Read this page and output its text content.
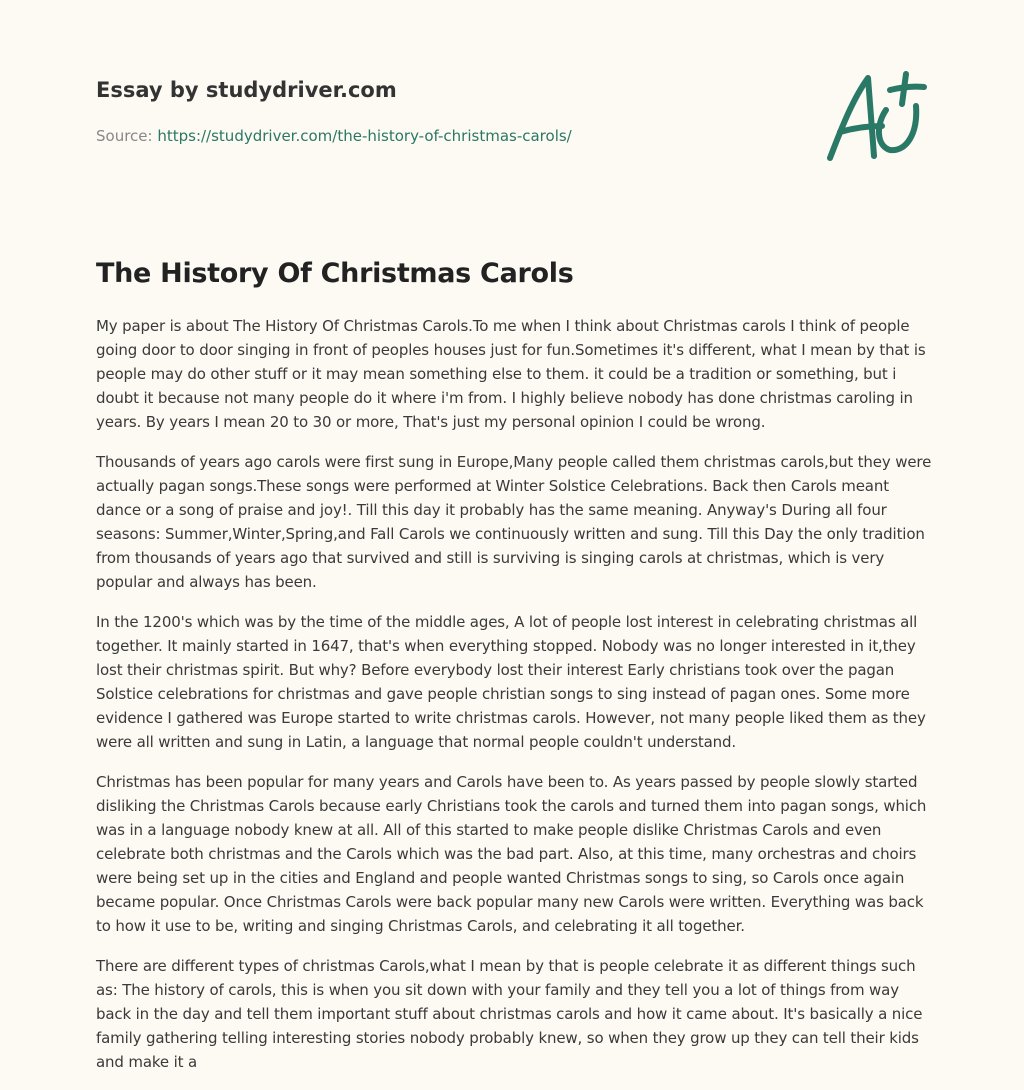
Essay by studydriver.com
Source: https://studydriver.com/the-history-of-christmas-carols/
The History Of Christmas Carols

My paper is about The History Of Christmas Carols.To me when I think about Christmas carols I think of people going door to door singing in front of peoples houses just for fun.Sometimes it's different, what I mean by that is people may do other stuff or it may mean something else to them. it could be a tradition or something, but i doubt it because not many people do it where i'm from. I highly believe nobody has done christmas caroling in years. By years I mean 20 to 30 or more, That's just my personal opinion I could be wrong.

Thousands of years ago carols were first sung in Europe,Many people called them christmas carols,but they were actually pagan songs.These songs were performed at Winter Solstice Celebrations. Back then Carols meant dance or a song of praise and joy!. Till this day it probably has the same meaning. Anyway's During all four seasons: Summer,Winter,Spring,and Fall Carols we continuously written and sung. Till this Day the only tradition from thousands of years ago that survived and still is surviving is singing carols at christmas, which is very popular and always has been.

In the 1200's which was by the time of the middle ages, A lot of people lost interest in celebrating christmas all together. It mainly started in 1647, that's when everything stopped. Nobody was no longer interested in it,they lost their christmas spirit. But why? Before everybody lost their interest Early christians took over the pagan Solstice celebrations for christmas and gave people christian songs to sing instead of pagan ones. Some more evidence I gathered was Europe started to write christmas carols. However, not many people liked them as they were all written and sung in Latin, a language that normal people couldn't understand.

Christmas has been popular for many years and Carols have been to. As years passed by people slowly started disliking the Christmas Carols because early Christians took the carols and turned them into pagan songs, which was in a language nobody knew at all. All of this started to make people dislike Christmas Carols and even celebrate both christmas and the Carols which was the bad part. Also, at this time, many orchestras and choirs were being set up in the cities and England and people wanted Christmas songs to sing, so Carols once again became popular. Once Christmas Carols were back popular many new Carols were written. Everything was back to how it use to be, writing and singing Christmas Carols, and celebrating it all together.

There are different types of christmas Carols,what I mean by that is people celebrate it as different things such as: The history of carols, this is when you sit down with your family and they tell you a lot of things from way back in the day and tell them important stuff about christmas carols and how it came about. It's basically a nice family gathering telling interesting stories nobody probably knew, so when they grow up they can tell their kids and make it a
